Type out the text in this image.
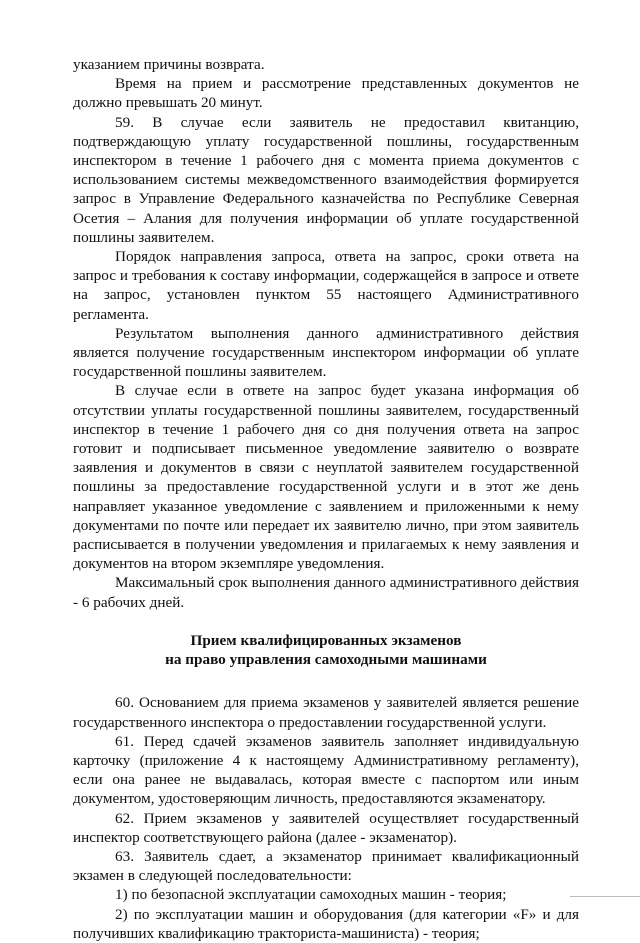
указанием причины возврата.

Время на прием и рассмотрение представленных документов не должно превышать 20 минут.

59. В случае если заявитель не предоставил квитанцию, подтверждающую уплату государственной пошлины, государственным инспектором в течение 1 рабочего дня с момента приема документов с использованием системы межведомственного взаимодействия формируется запрос в Управление Федерального казначейства по Республике Северная Осетия – Алания для получения информации об уплате государственной пошлины заявителем.

Порядок направления запроса, ответа на запрос, сроки ответа на запрос и требования к составу информации, содержащейся в запросе и ответе на запрос, установлен пунктом 55 настоящего Административного регламента.

Результатом выполнения данного административного действия является получение государственным инспектором информации об уплате государственной пошлины заявителем.

В случае если в ответе на запрос будет указана информация об отсутствии уплаты государственной пошлины заявителем, государственный инспектор в течение 1 рабочего дня со дня получения ответа на запрос готовит и подписывает письменное уведомление заявителю о возврате заявления и документов в связи с неуплатой заявителем государственной пошлины за предоставление государственной услуги и в этот же день направляет указанное уведомление с заявлением и приложенными к нему документами по почте или передает их заявителю лично, при этом заявитель расписывается в получении уведомления и прилагаемых к нему заявления и документов на втором экземпляре уведомления.

Максимальный срок выполнения данного административного действия - 6 рабочих дней.

Прием квалифицированных экзаменов
на право управления самоходными машинами

60. Основанием для приема экзаменов у заявителей является решение государственного инспектора о предоставлении государственной услуги.

61. Перед сдачей экзаменов заявитель заполняет индивидуальную карточку (приложение 4 к настоящему Административному регламенту), если она ранее не выдавалась, которая вместе с паспортом или иным документом, удостоверяющим личность, предоставляются экзаменатору.

62. Прием экзаменов у заявителей осуществляет государственный инспектор соответствующего района (далее - экзаменатор).

63. Заявитель сдает, а экзаменатор принимает квалификационный экзамен в следующей последовательности:

1) по безопасной эксплуатации самоходных машин - теория;

2) по эксплуатации машин и оборудования (для категории «F» и для получивших квалификацию тракториста-машиниста) - теория;
